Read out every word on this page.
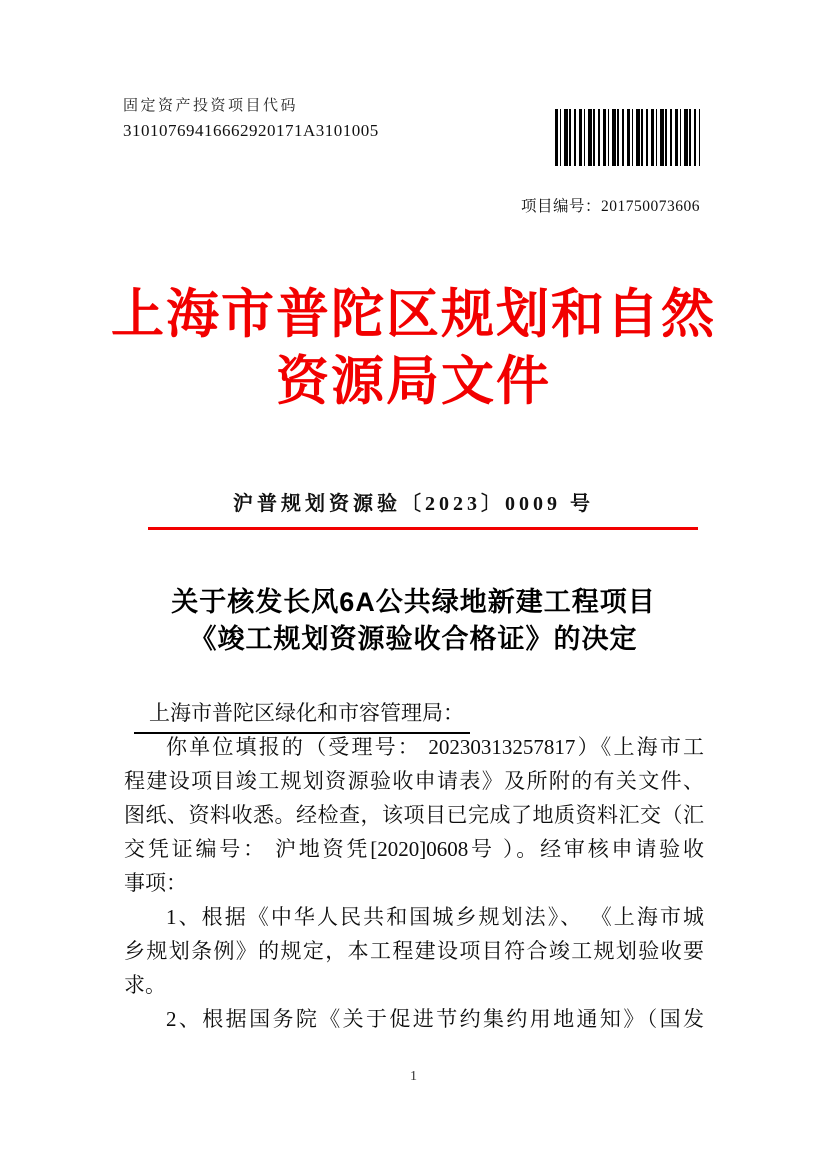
固定资产投资项目代码
31010769416662920171A3101005
项目编号：201750073606
上海市普陀区规划和自然
资源局文件
沪普规划资源验〔2023〕0009 号
关于核发长风6A公共绿地新建工程项目
《竣工规划资源验收合格证》的决定
上海市普陀区绿化和市容管理局：
你单位填报的（受理号： 20230313257817）《上海市工
程建设项目竣工规划资源验收申请表》及所附的有关文件、
图纸、资料收悉。经检查，该项目已完成了地质资料汇交（汇
交凭证编号： 沪地资凭[2020]0608号 ）。经审核申请验收
事项：
1、根据《中华人民共和国城乡规划法》、 《上海市城
乡规划条例》的规定，本工程建设项目符合竣工规划验收要
求。
2、根据国务院《关于促进节约集约用地通知》（国发
1
